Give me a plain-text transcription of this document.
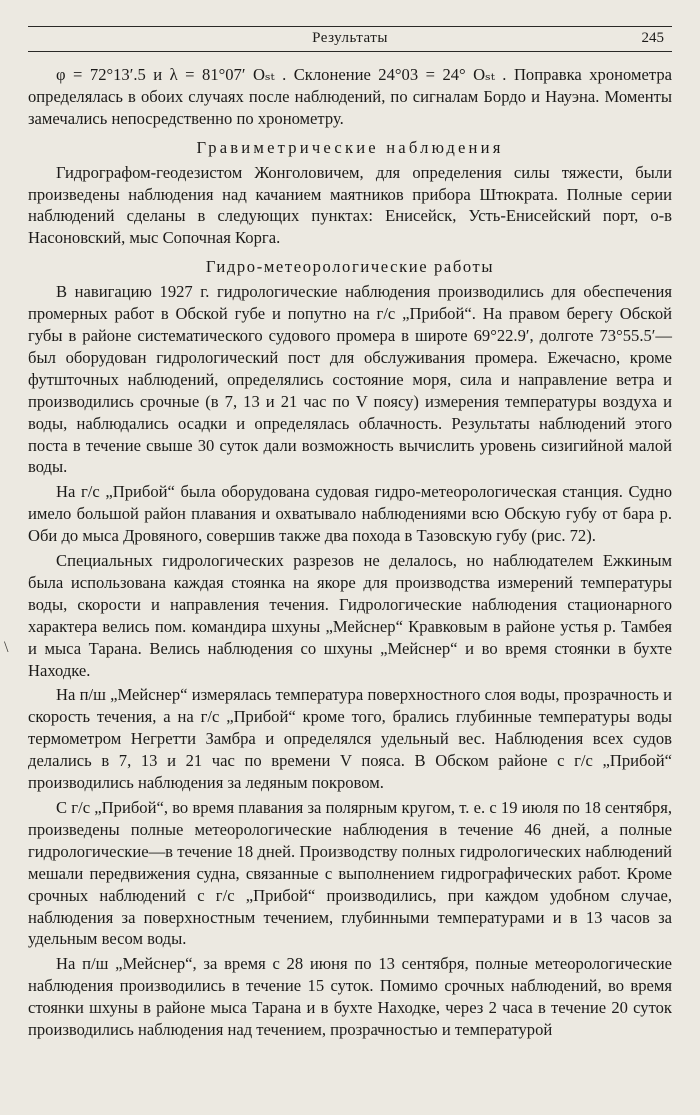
Результаты	245

φ = 72°13′.5 и λ = 81°07′ Oₛₜ . Склонение 24°03 = 24° Oₛₜ . Поправка хронометра определялась в обоих случаях после наблюдений, по сигналам Бордо и Науэна. Моменты замечались непосредственно по хронометру.

Гравиметрические наблюдения

Гидрографом-геодезистом Жонголовичем, для определения силы тяжести, были произведены наблюдения над качанием маятников прибора Штюкрата. Полные серии наблюдений сделаны в следующих пунктах: Енисейск, Усть-Енисейский порт, о-в Насоновский, мыс Сопочная Корга.

Гидро-метеорологические работы

В навигацию 1927 г. гидрологические наблюдения производились для обеспечения промерных работ в Обской губе и попутно на г/с „Прибой“. На правом берегу Обской губы в районе систематического судового промера в широте 69°22.9′, долготе 73°55.5′—был оборудован гидрологический пост для обслуживания промера. Ежечасно, кроме футштoчных наблюдений, определялись состояние моря, сила и направление ветра и производились срочные (в 7, 13 и 21 час по V поясу) измерения температуры воздуха и воды, наблюдались осадки и определялась облачность. Результаты наблюдений этого поста в течение свыше 30 суток дали возможность вычислить уровень сизигийной малой воды.

На г/с „Прибой“ была оборудована судовая гидро-метеорологическая станция. Судно имело большой район плавания и охватывало наблюдениями всю Обскую губу от бара р. Оби до мыса Дровяного, совершив также два похода в Тазовскую губу (рис. 72).

Специальных гидрологических разрезов не делалось, но наблюдателем Ежкиным была использована каждая стоянка на якоре для производства измерений температуры воды, скорости и направления течения. Гидрологические наблюдения стационарного характера велись пом. командира шхуны „Мейснер“ Кравковым в районе устья р. Тамбея и мыса Тарана. Велись наблюдения со шхуны „Мейснер“ и во время стоянки в бухте Находке.

На п/ш „Мейснер“ измерялась температура поверхностного слоя воды, прозрачность и скорость течения, а на г/с „Прибой“ кроме того, брались глубинные температуры воды термометром Негретти Замбра и определялся удельный вес. Наблюдения всех судов делались в 7, 13 и 21 час по времени V пояса. В Обском районе с г/с „Прибой“ производились наблюдения за ледяным покровом.

С г/с „Прибой“, во время плавания за полярным кругом, т. е. с 19 июля по 18 сентября, произведены полные метеорологические наблюдения в течение 46 дней, а полные гидрологические—в течение 18 дней. Производству полных гидрологических наблюдений мешали передвижения судна, связанные с выполнением гидрографических работ. Кроме срочных наблюдений с г/с „Прибой“ производились, при каждом удобном случае, наблюдения за поверхностным течением, глубинными температурами и в 13 часов за удельным весом воды.

На п/ш „Мейснер“, за время с 28 июня по 13 сентября, полные метеорологические наблюдения производились в течение 15 суток. Помимо срочных наблюдений, во время стоянки шхуны в районе мыса Тарана и в бухте Находке, через 2 часа в течение 20 суток производились наблюдения над течением, прозрачностью и температурой

\
